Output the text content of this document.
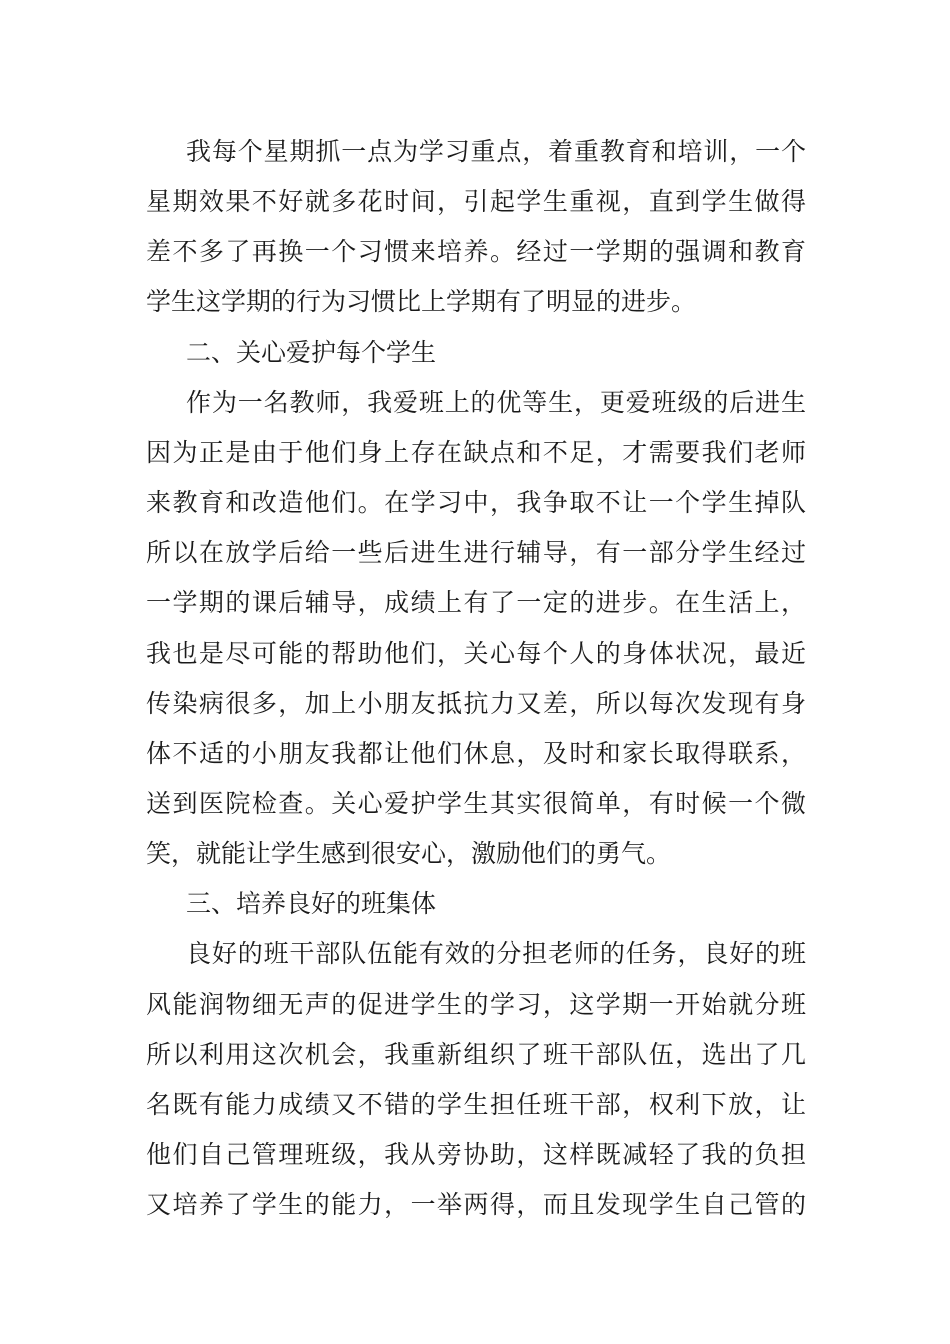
我每个星期抓一点为学习重点，着重教育和培训，一个
星期效果不好就多花时间，引起学生重视，直到学生做得
差不多了再换一个习惯来培养。经过一学期的强调和教育
学生这学期的行为习惯比上学期有了明显的进步。
二、关心爱护每个学生
作为一名教师，我爱班上的优等生，更爱班级的后进生
因为正是由于他们身上存在缺点和不足，才需要我们老师
来教育和改造他们。在学习中，我争取不让一个学生掉队
所以在放学后给一些后进生进行辅导，有一部分学生经过
一学期的课后辅导，成绩上有了一定的进步。在生活上，
我也是尽可能的帮助他们，关心每个人的身体状况，最近
传染病很多，加上小朋友抵抗力又差，所以每次发现有身
体不适的小朋友我都让他们休息，及时和家长取得联系，
送到医院检查。关心爱护学生其实很简单，有时候一个微
笑，就能让学生感到很安心，激励他们的勇气。
三、培养良好的班集体
良好的班干部队伍能有效的分担老师的任务，良好的班
风能润物细无声的促进学生的学习，这学期一开始就分班
所以利用这次机会，我重新组织了班干部队伍，选出了几
名既有能力成绩又不错的学生担任班干部，权利下放，让
他们自己管理班级，我从旁协助，这样既减轻了我的负担
又培养了学生的能力，一举两得，而且发现学生自己管的
